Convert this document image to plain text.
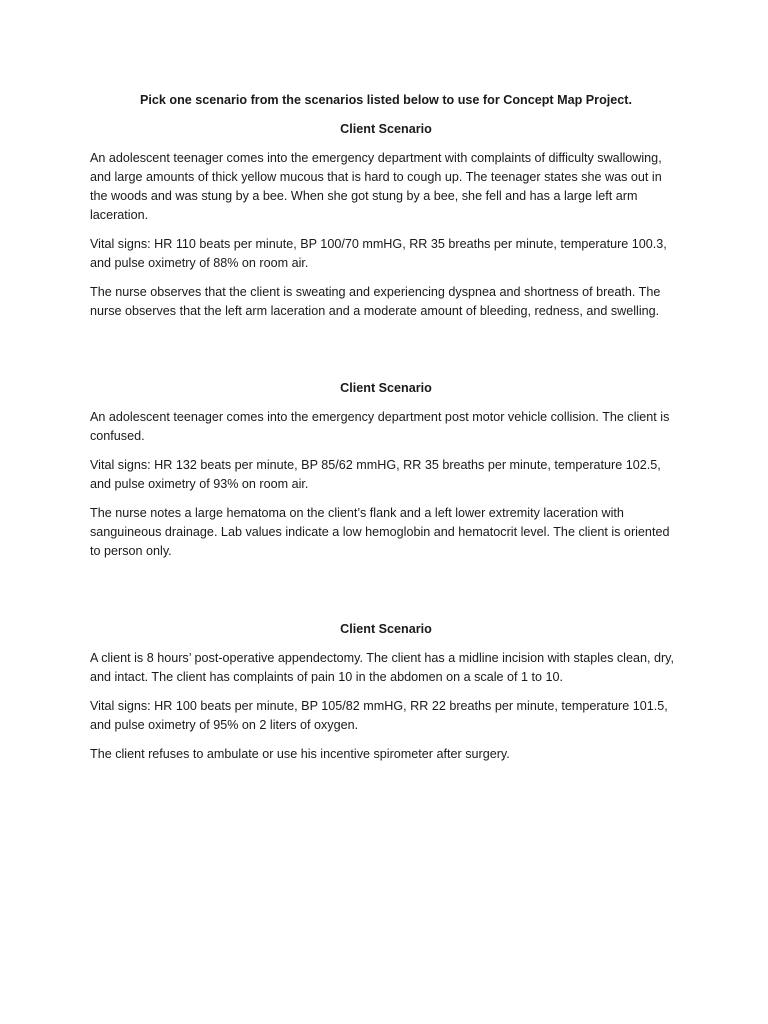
Pick one scenario from the scenarios listed below to use for Concept Map Project.

Client Scenario

An adolescent teenager comes into the emergency department with complaints of difficulty swallowing, and large amounts of thick yellow mucous that is hard to cough up. The teenager states she was out in the woods and was stung by a bee. When she got stung by a bee, she fell and has a large left arm laceration.

Vital signs: HR 110 beats per minute, BP 100/70 mmHG, RR 35 breaths per minute, temperature 100.3, and pulse oximetry of 88% on room air.

The nurse observes that the client is sweating and experiencing dyspnea and shortness of breath. The nurse observes that the left arm laceration and a moderate amount of bleeding, redness, and swelling.

Client Scenario

An adolescent teenager comes into the emergency department post motor vehicle collision. The client is confused.

Vital signs: HR 132 beats per minute, BP 85/62 mmHG, RR 35 breaths per minute, temperature 102.5, and pulse oximetry of 93% on room air.

The nurse notes a large hematoma on the client’s flank and a left lower extremity laceration with sanguineous drainage. Lab values indicate a low hemoglobin and hematocrit level. The client is oriented to person only.

Client Scenario

A client is 8 hours’ post-operative appendectomy. The client has a midline incision with staples clean, dry, and intact. The client has complaints of pain 10 in the abdomen on a scale of 1 to 10.

Vital signs: HR 100 beats per minute, BP 105/82 mmHG, RR 22 breaths per minute, temperature 101.5, and pulse oximetry of 95% on 2 liters of oxygen.

The client refuses to ambulate or use his incentive spirometer after surgery.
